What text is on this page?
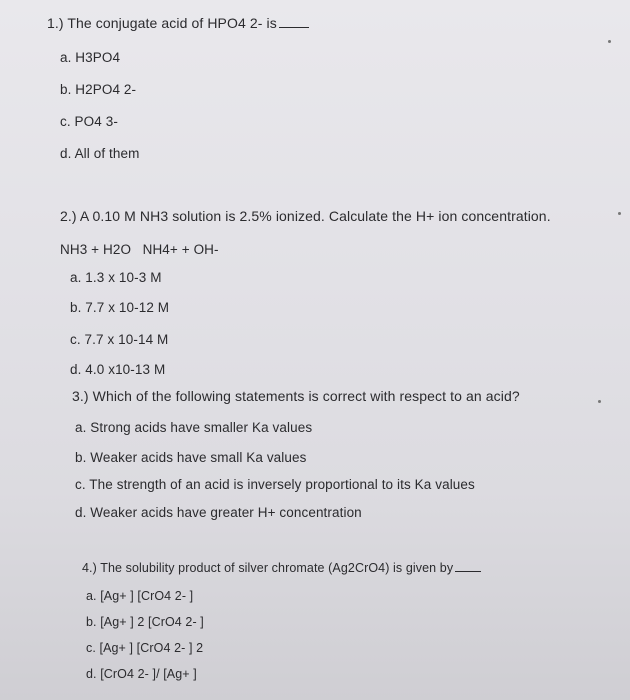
1.) The conjugate acid of HPO4 2- is
a. H3PO4
b. H2PO4 2-
c. PO4 3-
d. All of them
2.) A 0.10 M NH3 solution is 2.5% ionized. Calculate the H+ ion concentration.
NH3 + H2O   NH4+ + OH-
a. 1.3 x 10-3 M
b. 7.7 x 10-12 M
c. 7.7 x 10-14 M
d. 4.0 x10-13 M
3.) Which of the following statements is correct with respect to an acid?
a. Strong acids have smaller Ka values
b. Weaker acids have small Ka values
c. The strength of an acid is inversely proportional to its Ka values
d. Weaker acids have greater H+ concentration
4.) The solubility product of silver chromate (Ag2CrO4) is given by
a. [Ag+ ] [CrO4 2- ]
b. [Ag+ ] 2 [CrO4 2- ]
c. [Ag+ ] [CrO4 2- ] 2
d. [CrO4 2- ]/ [Ag+ ]
